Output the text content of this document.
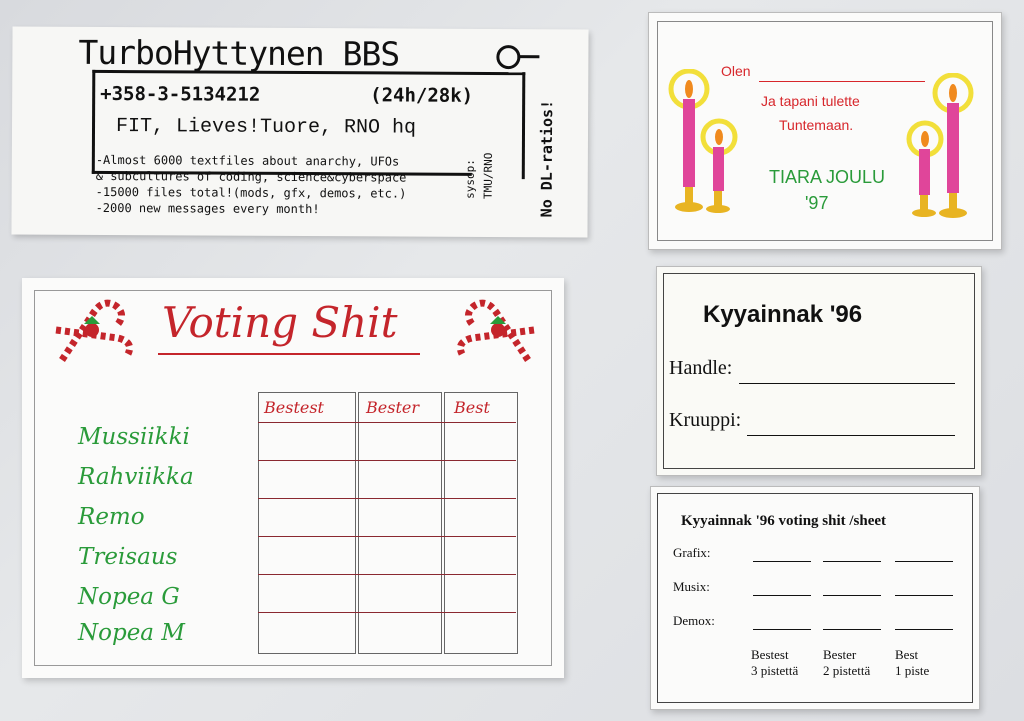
TurboHyttynen BBS
+358-3-5134212	(24h/28k)
FIT, Lieves!Tuore, RNO hq
-Almost 6000 textfiles about anarchy, UFOs
& subcultures of coding, science&cyberspace
-15000 files total!(mods, gfx, demos, etc.)
-2000 new messages every month!
sysop: TMU/RNO	No DL-ratios!
Olen
Ja tapani tulette
Tuntemaan.
TIARA JOULU
'97
Voting Shit
Bestest	Bester Best
Mussiikki
Rahviikka
Remo
Treisaus
Nopea G
Nopea M
Kyyainnak '96
Handle:
Kruuppi:
Kyyainnak '96 voting shit /sheet
Grafix:
Musix:
Demox:
Bestest
3 pistettä
Bester
2 pistettä
Best
1 piste
